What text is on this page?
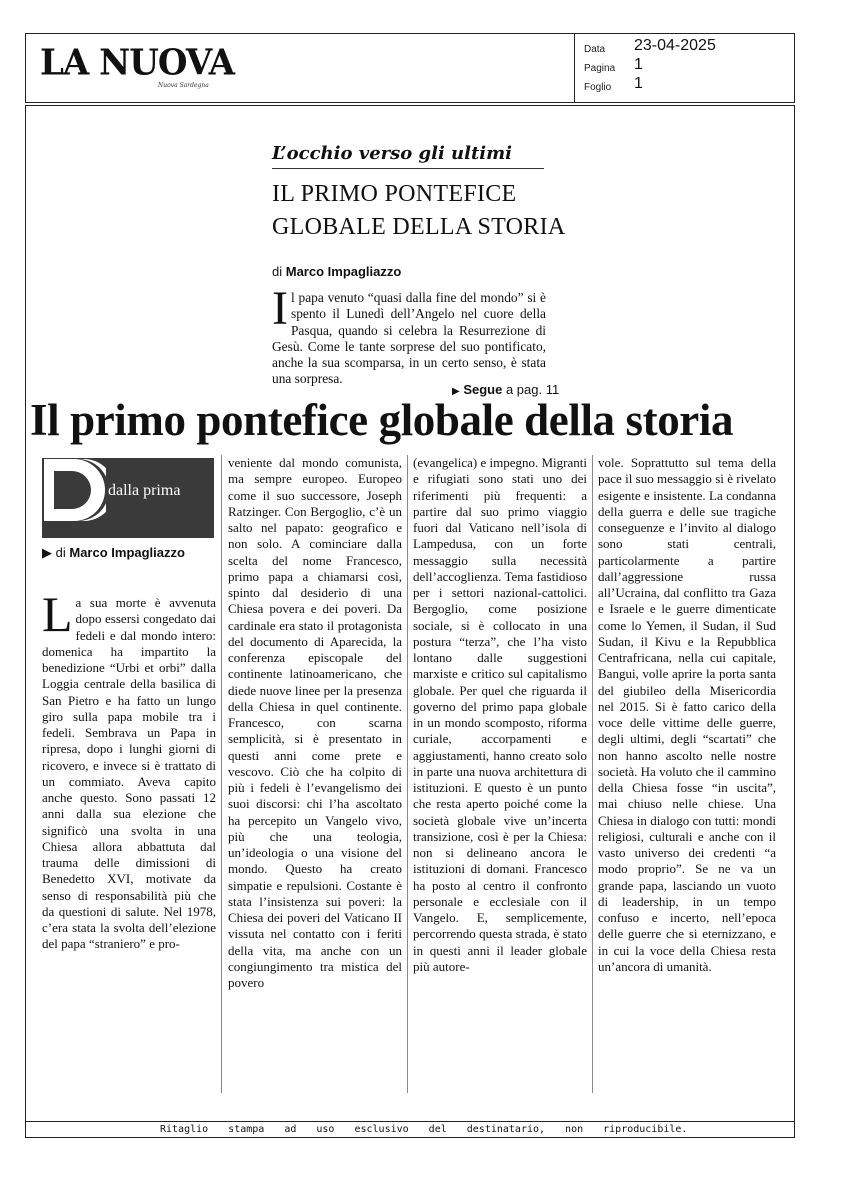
LA NUOVA
Nuova Sardegna
Data 23-04-2025
Pagina 1
Foglio 1
L’occhio verso gli ultimi
IL PRIMO PONTEFICE
GLOBALE DELLA STORIA
di Marco Impagliazzo
I l papa venuto “quasi dalla fine del mondo” si è spento il Lunedì dell’Angelo nel cuore della Pasqua, quando si celebra la Resurrezione di Gesù. Come le tante sorprese del suo pontificato, anche la sua scomparsa, in un certo senso, è stata una sorpresa.
▶ Segue a pag. 11
Il primo pontefice globale della storia
dalla prima
▶ di Marco Impagliazzo
L a sua morte è avvenuta dopo essersi congedato dai fedeli e dal mondo intero: domenica ha impartito la benedizione “Urbi et orbi” dalla Loggia centrale della basilica di San Pietro e ha fatto un lungo giro sulla papa mobile tra i fedeli. Sembrava un Papa in ripresa, dopo i lunghi giorni di ricovero, e invece si è trattato di un commiato. Aveva capito anche questo. Sono passati 12 anni dalla sua elezione che significò una svolta in una Chiesa allora abbattuta dal trauma delle dimissioni di Benedetto XVI, motivate da senso di responsabilità più che da questioni di salute. Nel 1978, c’era stata la svolta dell’elezione del papa “straniero” e pro-
veniente dal mondo comunista, ma sempre europeo. Europeo come il suo successore, Joseph Ratzinger. Con Bergoglio, c’è un salto nel papato: geografico e non solo. A cominciare dalla scelta del nome Francesco, primo papa a chiamarsi così, spinto dal desiderio di una Chiesa povera e dei poveri. Da cardinale era stato il protagonista del documento di Aparecida, la conferenza episcopale del continente latinoamericano, che diede nuove linee per la presenza della Chiesa in quel continente. Francesco, con scarna semplicità, si è presentato in questi anni come prete e vescovo. Ciò che ha colpito di più i fedeli è l’evangelismo dei suoi discorsi: chi l’ha ascoltato ha percepito un Vangelo vivo, più che una teologia, un’ideologia o una visione del mondo. Questo ha creato simpatie e repulsioni. Costante è stata l’insistenza sui poveri: la Chiesa dei poveri del Vaticano II vissuta nel contatto con i feriti della vita, ma anche con un congiungimento tra mistica del povero
(evangelica) e impegno. Migranti e rifugiati sono stati uno dei riferimenti più frequenti: a partire dal suo primo viaggio fuori dal Vaticano nell’isola di Lampedusa, con un forte messaggio sulla necessità dell’accoglienza. Tema fastidioso per i settori nazional-cattolici. Bergoglio, come posizione sociale, si è collocato in una postura “terza”, che l’ha visto lontano dalle suggestioni marxiste e critico sul capitalismo globale. Per quel che riguarda il governo del primo papa globale in un mondo scomposto, riforma curiale, accorpamenti e aggiustamenti, hanno creato solo in parte una nuova architettura di istituzioni. E questo è un punto che resta aperto poiché come la società globale vive un’incerta transizione, così è per la Chiesa: non si delineano ancora le istituzioni di domani. Francesco ha posto al centro il confronto personale e ecclesiale con il Vangelo. E, semplicemente, percorrendo questa strada, è stato in questi anni il leader globale più autore-
vole. Soprattutto sul tema della pace il suo messaggio si è rivelato esigente e insistente. La condanna della guerra e delle sue tragiche conseguenze e l’invito al dialogo sono stati centrali, particolarmente a partire dall’aggressione russa all’Ucraina, dal conflitto tra Gaza e Israele e le guerre dimenticate come lo Yemen, il Sudan, il Sud Sudan, il Kivu e la Repubblica Centrafricana, nella cui capitale, Bangui, volle aprire la porta santa del giubileo della Misericordia nel 2015. Si è fatto carico della voce delle vittime delle guerre, degli ultimi, degli “scartati” che non hanno ascolto nelle nostre società. Ha voluto che il cammino della Chiesa fosse “in uscita”, mai chiuso nelle chiese. Una Chiesa in dialogo con tutti: mondi religiosi, culturali e anche con il vasto universo dei credenti “a modo proprio”. Se ne va un grande papa, lasciando un vuoto di leadership, in un tempo confuso e incerto, nell’epoca delle guerre che si eternizzano, e in cui la voce della Chiesa resta un’ancora di umanità.
Ritaglio stampa ad uso esclusivo del destinatario, non riproducibile.
